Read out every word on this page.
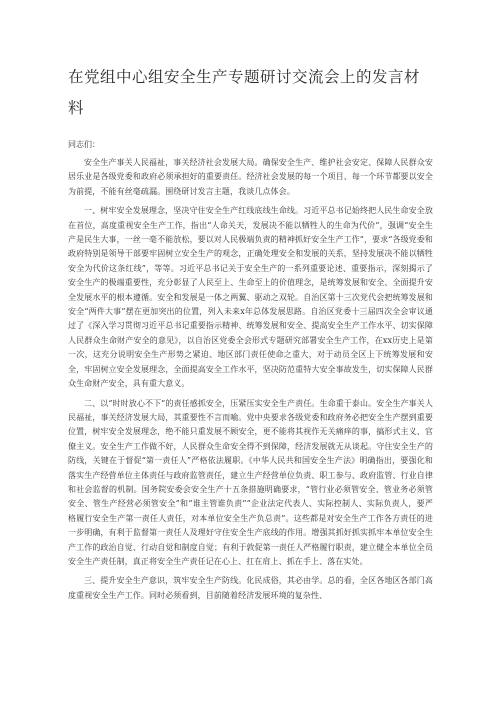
在党组中心组安全生产专题研讨交流会上的发言材料

同志们：

安全生产事关人民福祉，事关经济社会发展大局。确保安全生产、维护社会安定、保障人民群众安居乐业是各级党委和政府必须承担好的重要责任。经济社会发展的每一个项目、每一个环节都要以安全为前提，不能有丝毫疏漏。围绕研讨发言主题，我谈几点体会。

一、树牢安全发展理念，坚决守住安全生产红线底线生命线。习近平总书记始终把人民生命安全放在首位，高度重视安全生产工作，指出“人命关天，发展决不能以牺牲人的生命为代价”，强调“安全生产是民生大事，一丝一毫不能放松，要以对人民极端负责的精神抓好安全生产工作”，要求“各级党委和政府特别是领导干部要牢固树立安全生产的观念，正确处理安全和发展的关系，坚持发展决不能以牺牲安全为代价这条红线”，等等。习近平总书记关于安全生产的一系列重要论述、重要指示，深刻揭示了安全生产的极端重要性，充分彰显了人民至上、生命至上的价值理念，是统筹发展和安全、全面提升安全发展水平的根本遵循。安全和发展是一体之两翼、驱动之双轮。自治区第十三次党代会把统筹发展和安全“两件大事”摆在更加突出的位置，列入未来x年总体发展思路。自治区党委十三届四次全会审议通过了《深入学习贯彻习近平总书记重要指示精神、统筹发展和安全、提高安全生产工作水平、切实保障人民群众生命财产安全的意见》，以自治区党委全会形式专题研究部署安全生产工作，在xx历史上是第一次，这充分说明安全生产形势之紧迫、地区部门责任使命之重大，对于动员全区上下统筹发展和安全，牢固树立安全发展理念，全面提高安全工作水平，坚决防范重特大安全事故发生，切实保障人民群众生命财产安全，具有重大意义。

二、以“时时放心不下”的责任感抓安全，压紧压实安全生产责任。生命重于泰山。安全生产事关人民福祉，事关经济发展大局，其重要性不言而喻。党中央要求各级党委和政府务必把安全生产摆到重要位置，树牢安全发展理念，绝不能只重发展不顾安全，更不能将其视作无关痛痒的事，搞形式主义、官僚主义。安全生产工作做不好，人民群众生命安全得不到保障，经济发展就无从谈起。守住安全生产的防线，关键在于督促“第一责任人”严格依法履职。《中华人民共和国安全生产法》明确指出，要强化和落实生产经营单位主体责任与政府监管责任，建立生产经营单位负责、职工参与、政府监管、行业自律和社会监督的机制。国务院安委会安全生产十五条措施明确要求，“管行业必须管安全、管业务必须管安全、管生产经营必须管安全”和“谁主管谁负责”“企业法定代表人、实际控制人、实际负责人，要严格履行安全生产第一责任人责任，对本单位安全生产负总责”。这些都是对安全生产工作各方责任的进一步明确，有利于监督第一责任人及理好守住安全生产底线的作用。增强其抓好抓实抓牢本单位安全生产工作的政治自觉、行动自觉和制度自觉；有利于敦促第一责任人严格履行职责，建立健全本单位全员安全生产责任制，真正将安全生产责任记在心上、扛在肩上、抓在手上、落在实处。

三、提升安全生产意识，筑牢安全生产防线。化民成俗，其必由学。总的看，全区各地区各部门高度重视安全生产工作。同时必须看到，目前随着经济发展环境的复杂性、
